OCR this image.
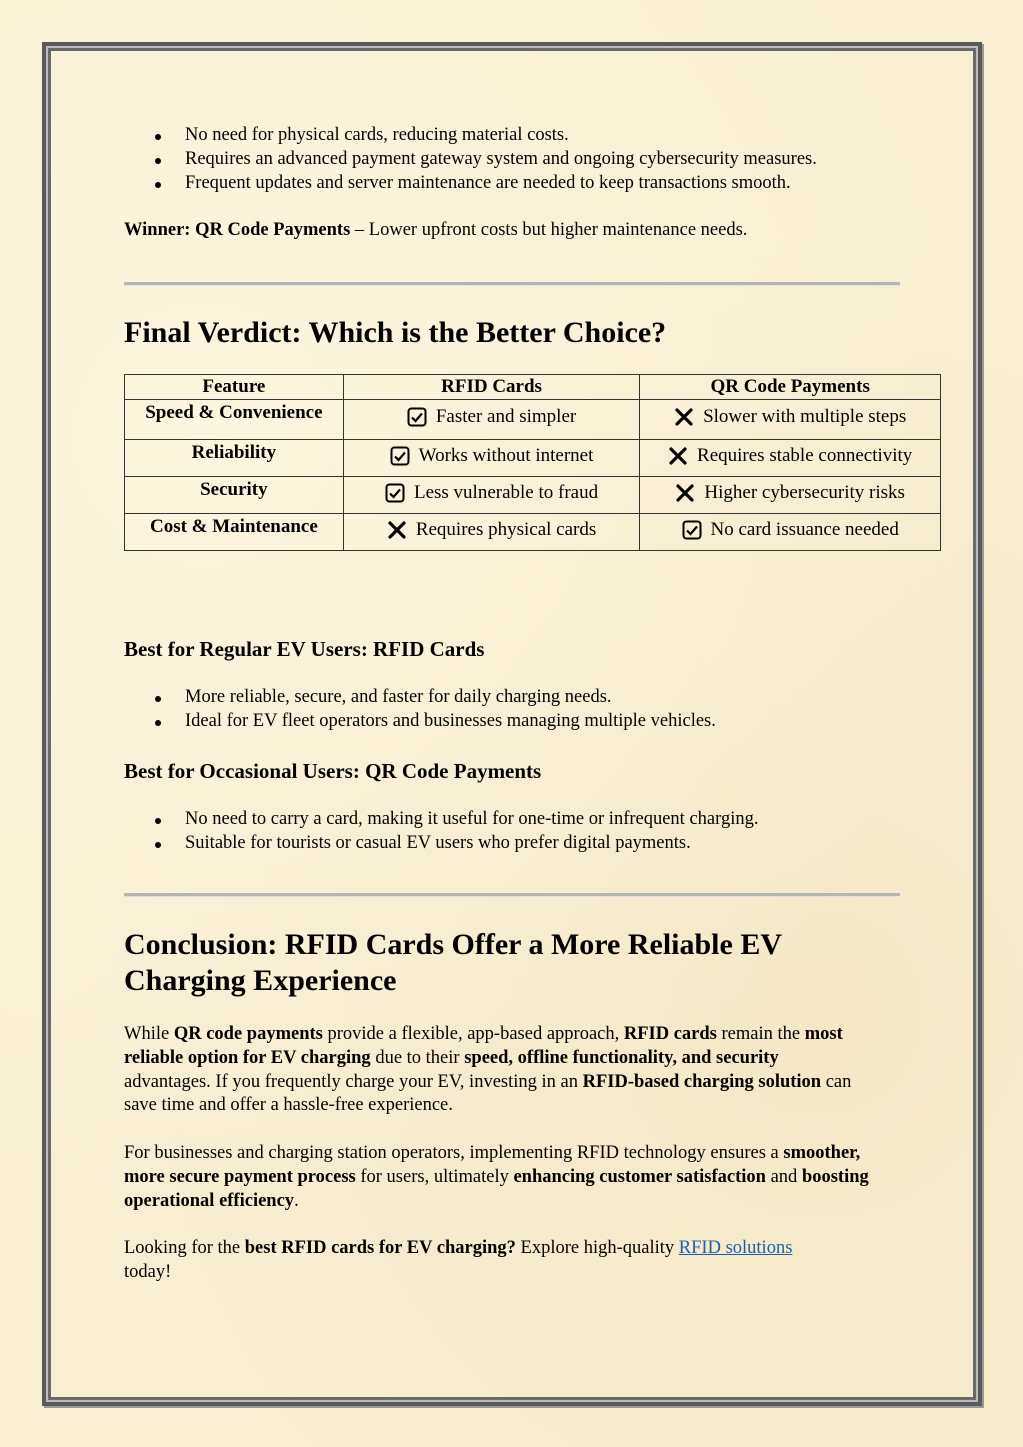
No need for physical cards, reducing material costs.
Requires an advanced payment gateway system and ongoing cybersecurity measures.
Frequent updates and server maintenance are needed to keep transactions smooth.

Winner: QR Code Payments – Lower upfront costs but higher maintenance needs.

Final Verdict: Which is the Better Choice?
Feature	RFID Cards	QR Code Payments
Speed & Convenience	Faster and simpler	Slower with multiple steps

Reliability	Works without internet	Requires stable connectivity

Security	Less vulnerable to fraud	Higher cybersecurity risks

Cost & Maintenance	Requires physical cards	No card issuance needed
Best for Regular EV Users: RFID Cards
More reliable, secure, and faster for daily charging needs.
Ideal for EV fleet operators and businesses managing multiple vehicles.
Best for Occasional Users: QR Code Payments
No need to carry a card, making it useful for one-time or infrequent charging.
Suitable for tourists or casual EV users who prefer digital payments.
Conclusion: RFID Cards Offer a More Reliable EV
Charging Experience

While QR code payments provide a flexible, app-based approach, RFID cards remain the most reliable option for EV charging due to their speed, offline functionality, and security advantages. If you frequently charge your EV, investing in an RFID-based charging solution can save time and offer a hassle-free experience.

For businesses and charging station operators, implementing RFID technology ensures a smoother, more secure payment process for users, ultimately enhancing customer satisfaction and boosting operational efficiency.

Looking for the best RFID cards for EV charging? Explore high-quality RFID solutions
today!
